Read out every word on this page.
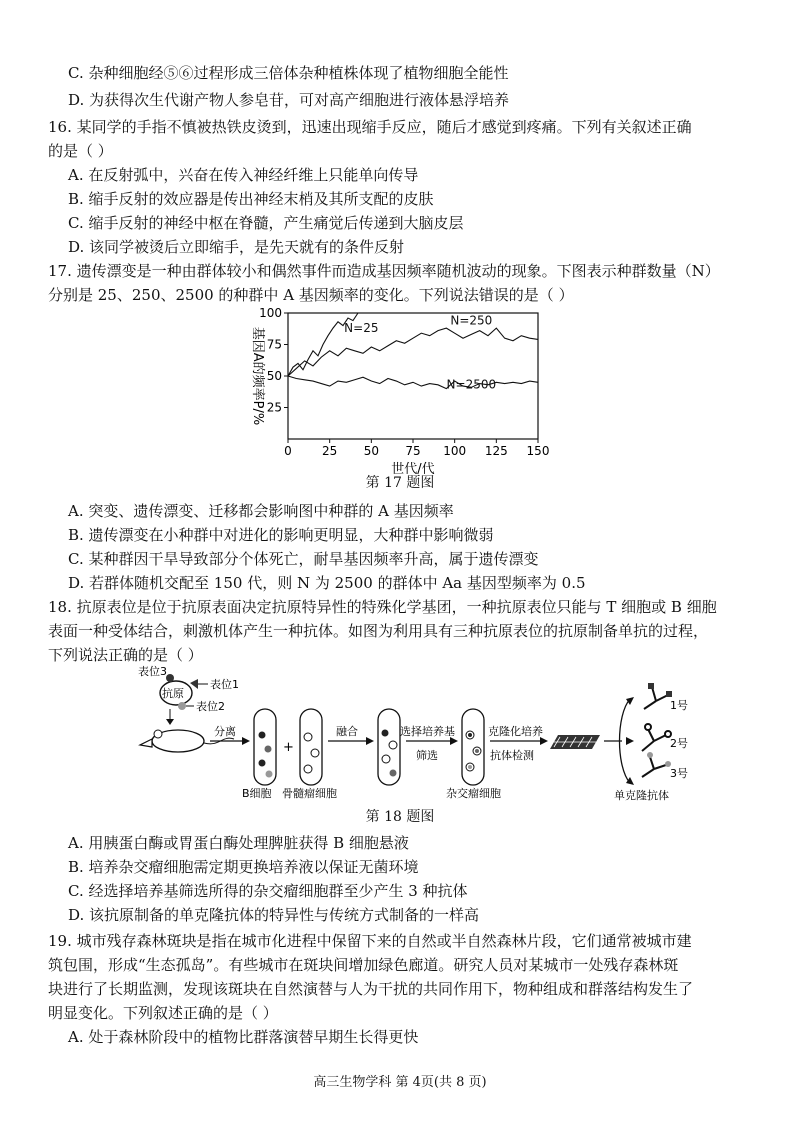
C. 杂种细胞经⑤⑥过程形成三倍体杂种植株体现了植物细胞全能性
D. 为获得次生代谢产物人参皂苷，可对高产细胞进行液体悬浮培养
16. 某同学的手指不慎被热铁皮烫到，迅速出现缩手反应，随后才感觉到疼痛。下列有关叙述正确
的是（ ）
A. 在反射弧中，兴奋在传入神经纤维上只能单向传导
B. 缩手反射的效应器是传出神经末梢及其所支配的皮肤
C. 缩手反射的神经中枢在脊髓，产生痛觉后传递到大脑皮层
D. 该同学被烫后立即缩手，是先天就有的条件反射
17. 遗传漂变是一种由群体较小和偶然事件而造成基因频率随机波动的现象。下图表示种群数量（N）
分别是 25、250、2500 的种群中 A 基因频率的变化。下列说法错误的是（ ）
0	25 50 75 100 125 150
25
50
75
100
世代/代
基因A的频率P/%	N=25
N=250
N=2500
第 17 题图
A. 突变、遗传漂变、迁移都会影响图中种群的 A 基因频率
B. 遗传漂变在小种群中对进化的影响更明显，大种群中影响微弱
C. 某种群因干旱导致部分个体死亡，耐旱基因频率升高，属于遗传漂变
D. 若群体随机交配至 150 代，则 N 为 2500 的群体中 Aa 基因型频率为 0.5
18. 抗原表位是位于抗原表面决定抗原特异性的特殊化学基团，一种抗原表位只能与 T 细胞或 B 细胞
表面一种受体结合，刺激机体产生一种抗体。如图为利用具有三种抗原表位的抗原制备单抗的过程，
下列说法正确的是（ ）
表位3
抗原
表位1
表位2
分离
+
B细胞 骨髓瘤细胞
融合	选择培养基
筛选
杂交瘤细胞
克隆化培养
抗体检测
1号
2号
3号
单克隆抗体
第 18 题图
A. 用胰蛋白酶或胃蛋白酶处理脾脏获得 B 细胞悬液
B. 培养杂交瘤细胞需定期更换培养液以保证无菌环境
C. 经选择培养基筛选所得的杂交瘤细胞群至少产生 3 种抗体
D. 该抗原制备的单克隆抗体的特异性与传统方式制备的一样高
19. 城市残存森林斑块是指在城市化进程中保留下来的自然或半自然森林片段，它们通常被城市建
筑包围，形成“生态孤岛”。有些城市在斑块间增加绿色廊道。研究人员对某城市一处残存森林斑
块进行了长期监测，发现该斑块在自然演替与人为干扰的共同作用下，物种组成和群落结构发生了
明显变化。下列叙述正确的是（ ）
A. 处于森林阶段中的植物比群落演替早期生长得更快
高三生物学科 第 4页(共 8 页)
